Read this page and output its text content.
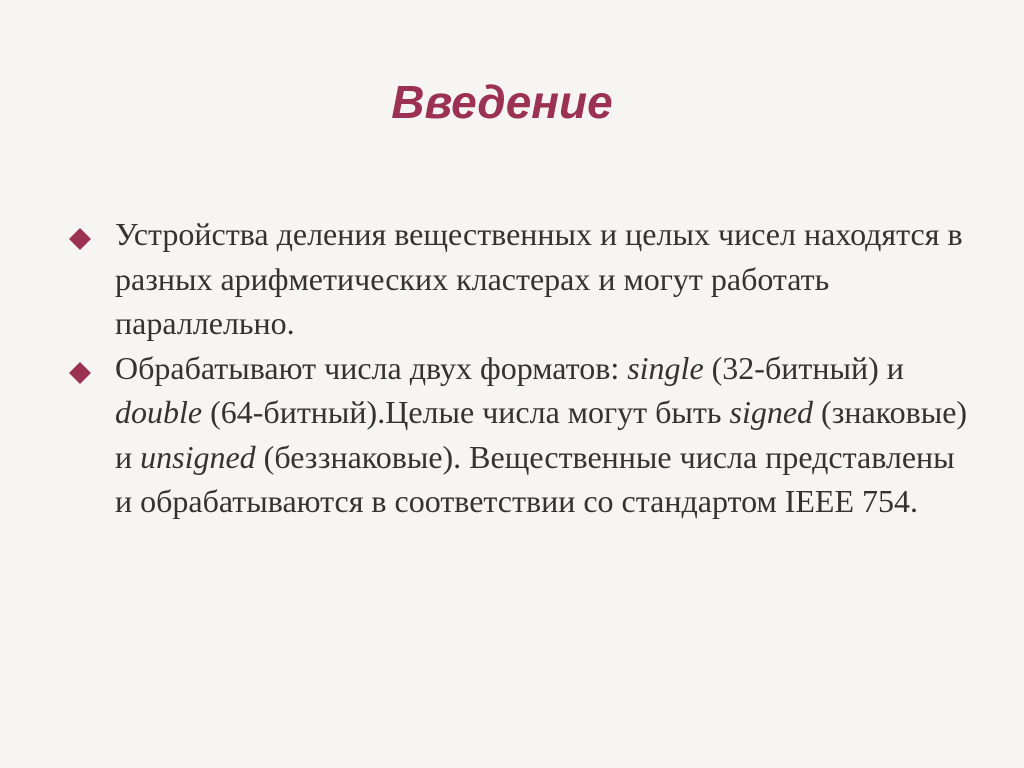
Введение
Устройства деления вещественных и целых чисел находятся в разных арифметических кластерах и могут работать параллельно.
Обрабатывают числа двух форматов: single (32-битный) и double (64-битный).Целые числа могут быть signed (знаковые) и unsigned (беззнаковые). Вещественные числа представлены и обрабатываются в соответствии со стандартом IEEE 754.
